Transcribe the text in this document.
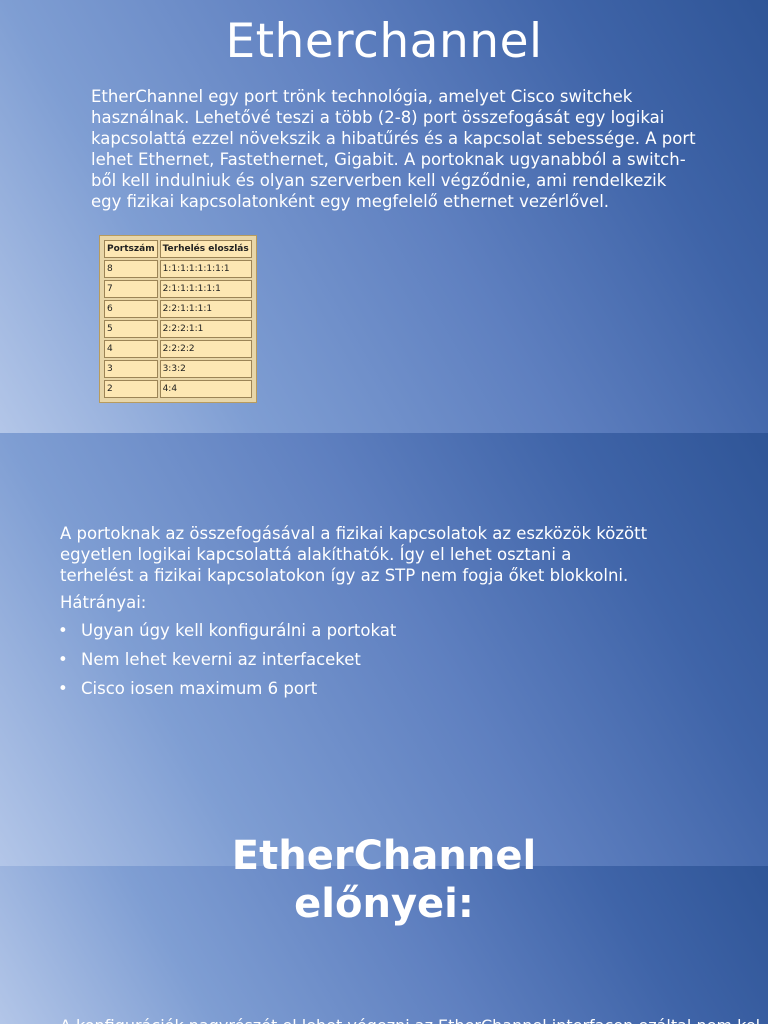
Etherchannel
EtherChannel egy port trönk technológia, amelyet Cisco switchek használnak. Lehetővé teszi a több (2-8) port összefogását egy logikai kapcsolattá ezzel növekszik a hibatűrés és a kapcsolat sebessége. A port lehet Ethernet, Fastethernet, Gigabit. A portoknak ugyanabból a switch-ből kell indulniuk és olyan szerverben kell végződnie, ami rendelkezik egy fizikai kapcsolatonként egy megfelelő ethernet vezérlővel.
Portszám	Terhelés eloszlás
8	1:1:1:1:1:1:1:1
7	2:1:1:1:1:1:1
6	2:2:1:1:1:1
5	2:2:2:1:1
4	2:2:2:2
3	3:3:2
2	4:4
A portoknak az összefogásával a fizikai kapcsolatok az eszközök között egyetlen logikai kapcsolattá alakíthatók. Így el lehet osztani a terhelést a fizikai kapcsolatokon így az STP nem fogja őket blokkolni.
Hátrányai:
• Ugyan úgy kell konfigurálni a portokat
• Nem lehet keverni az interfaceket
• Cisco iosen maximum 6 port
EtherChannel
előnyei:
A konfigurációk nagyrészét el lehet végezni az EtherChannel interfacen ezáltal nem kel
